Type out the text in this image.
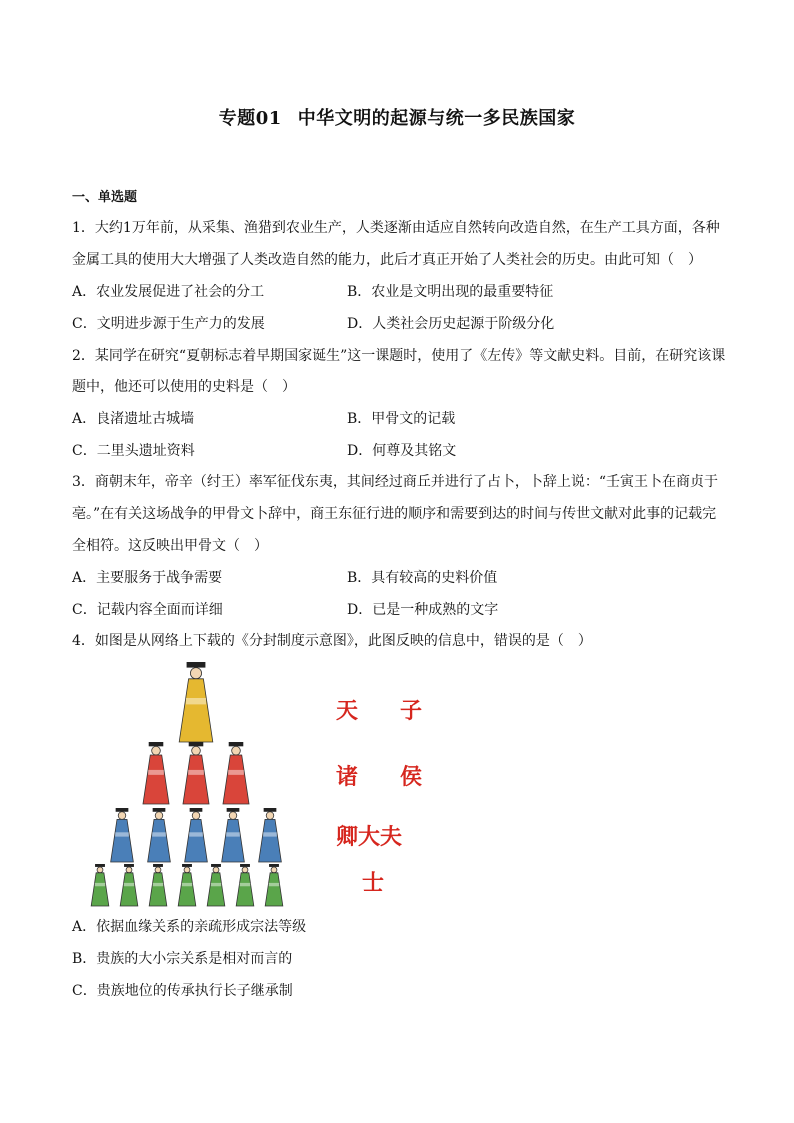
专题01 中华文明的起源与统一多民族国家
一、单选题
1．大约1万年前，从采集、渔猎到农业生产，人类逐渐由适应自然转向改造自然，在生产工具方面，各种
金属工具的使用大大增强了人类改造自然的能力，此后才真正开始了人类社会的历史。由此可知（　）
A．农业发展促进了社会的分工	B．农业是文明出现的最重要特征
C．文明进步源于生产力的发展	D．人类社会历史起源于阶级分化
2．某同学在研究“夏朝标志着早期国家诞生”这一课题时，使用了《左传》等文献史料。目前，在研究该课
题中，他还可以使用的史料是（　）
A．良渚遗址古城墙	B．甲骨文的记载
C．二里头遗址资料	D．何尊及其铭文
3．商朝末年，帝辛（纣王）率军征伐东夷，其间经过商丘并进行了占卜，卜辞上说：“壬寅王卜在商贞于
亳。”在有关这场战争的甲骨文卜辞中，商王东征行进的顺序和需要到达的时间与传世文献对此事的记载完
全相符。这反映出甲骨文（　）
A．主要服务于战争需要	B．具有较高的史料价值
C．记载内容全面而详细	D．已是一种成熟的文字
4．如图是从网络上下载的《分封制度示意图》，此图反映的信息中，错误的是（　）
天　子
诸　侯
卿大夫
士
A．依据血缘关系的亲疏形成宗法等级
B．贵族的大小宗关系是相对而言的
C．贵族地位的传承执行长子继承制
